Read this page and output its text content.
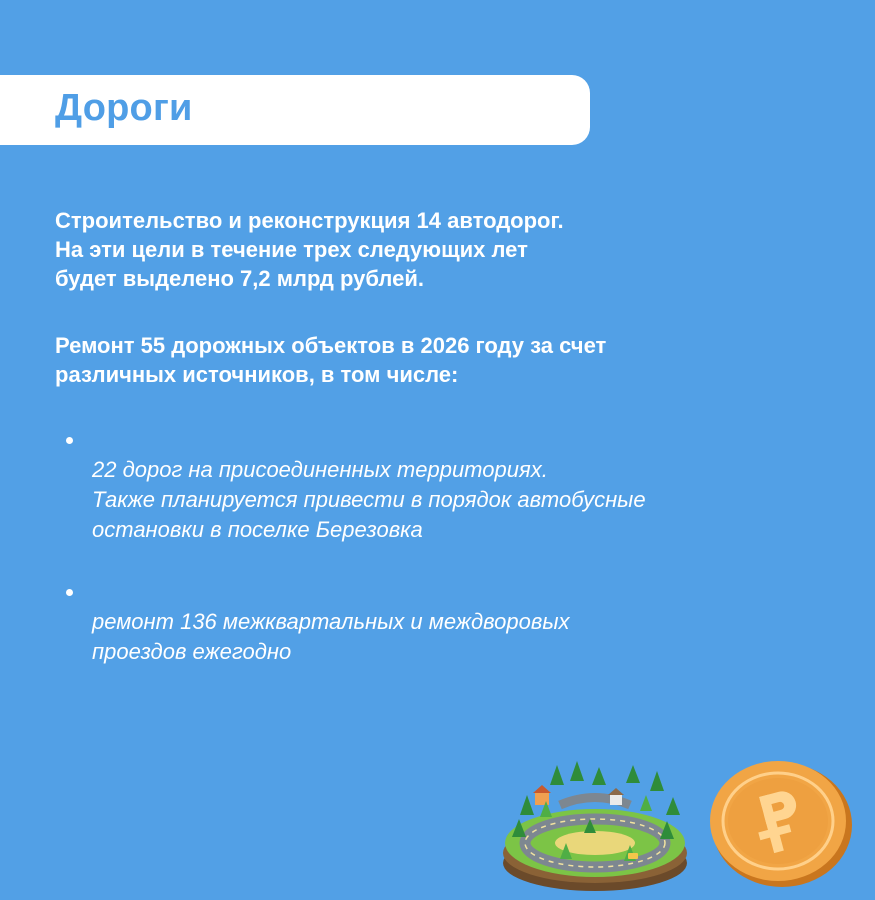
Дороги

Строительство и реконструкция 14 автодорог.
На эти цели в течение трех следующих лет
будет выделено 7,2 млрд рублей.

Ремонт 55 дорожных объектов в 2026 году за счет
различных источников, в том числе:

22 дорог на присоединенных территориях.
Также планируется привести в порядок автобусные
остановки в поселке Березовка

ремонт 136 межквартальных и междворовых
проездов ежегодно
